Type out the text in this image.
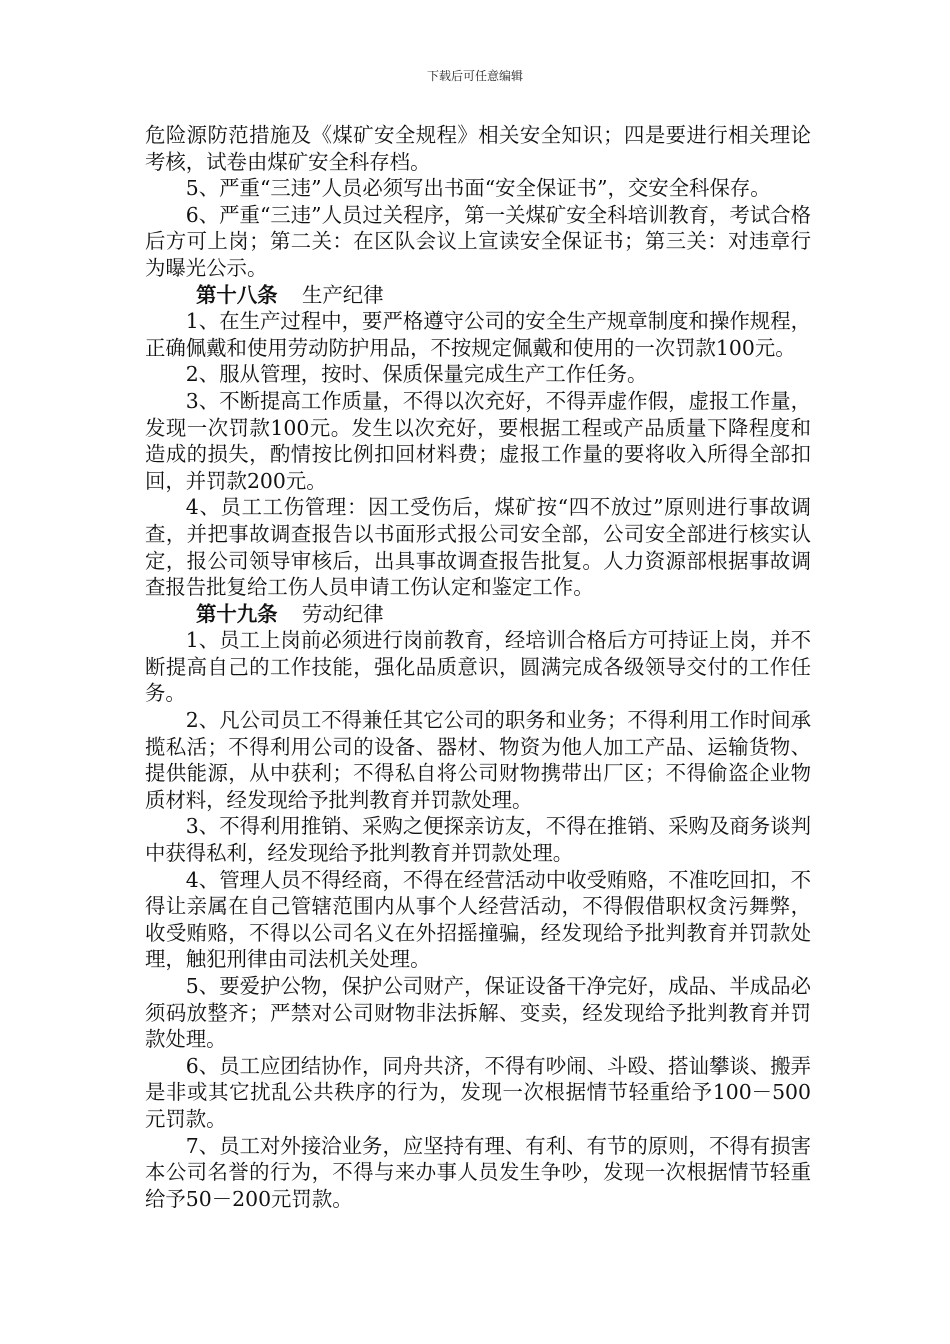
下载后可任意编辑

危险源防范措施及《煤矿安全规程》相关安全知识；四是要进行相关理论考核，试卷由煤矿安全科存档。

5、严重“三违”人员必须写出书面“安全保证书”，交安全科保存。

6、严重“三违”人员过关程序，第一关煤矿安全科培训教育，考试合格后方可上岗；第二关：在区队会议上宣读安全保证书；第三关：对违章行为曝光公示。

第十八条 生产纪律

1、在生产过程中，要严格遵守公司的安全生产规章制度和操作规程，正确佩戴和使用劳动防护用品，不按规定佩戴和使用的一次罚款100元。

2、服从管理，按时、保质保量完成生产工作任务。

3、不断提高工作质量，不得以次充好，不得弄虚作假，虚报工作量，发现一次罚款100元。发生以次充好，要根据工程或产品质量下降程度和造成的损失，酌情按比例扣回材料费；虚报工作量的要将收入所得全部扣回，并罚款200元。

4、员工工伤管理：因工受伤后，煤矿按“四不放过”原则进行事故调查，并把事故调查报告以书面形式报公司安全部，公司安全部进行核实认定，报公司领导审核后，出具事故调查报告批复。人力资源部根据事故调查报告批复给工伤人员申请工伤认定和鉴定工作。

第十九条 劳动纪律

1、员工上岗前必须进行岗前教育，经培训合格后方可持证上岗，并不断提高自己的工作技能，强化品质意识，圆满完成各级领导交付的工作任务。

2、凡公司员工不得兼任其它公司的职务和业务；不得利用工作时间承揽私活；不得利用公司的设备、器材、物资为他人加工产品、运输货物、提供能源，从中获利；不得私自将公司财物携带出厂区；不得偷盗企业物质材料，经发现给予批判教育并罚款处理。

3、不得利用推销、采购之便探亲访友，不得在推销、采购及商务谈判中获得私利，经发现给予批判教育并罚款处理。

4、管理人员不得经商，不得在经营活动中收受贿赂，不准吃回扣，不得让亲属在自己管辖范围内从事个人经营活动，不得假借职权贪污舞弊，收受贿赂，不得以公司名义在外招摇撞骗，经发现给予批判教育并罚款处理，触犯刑律由司法机关处理。

5、要爱护公物，保护公司财产，保证设备干净完好，成品、半成品必须码放整齐；严禁对公司财物非法拆解、变卖，经发现给予批判教育并罚款处理。

6、员工应团结协作，同舟共济，不得有吵闹、斗殴、搭讪攀谈、搬弄是非或其它扰乱公共秩序的行为，发现一次根据情节轻重给予100－500元罚款。

7、员工对外接洽业务，应坚持有理、有利、有节的原则，不得有损害本公司名誉的行为，不得与来办事人员发生争吵，发现一次根据情节轻重给予50－200元罚款。
